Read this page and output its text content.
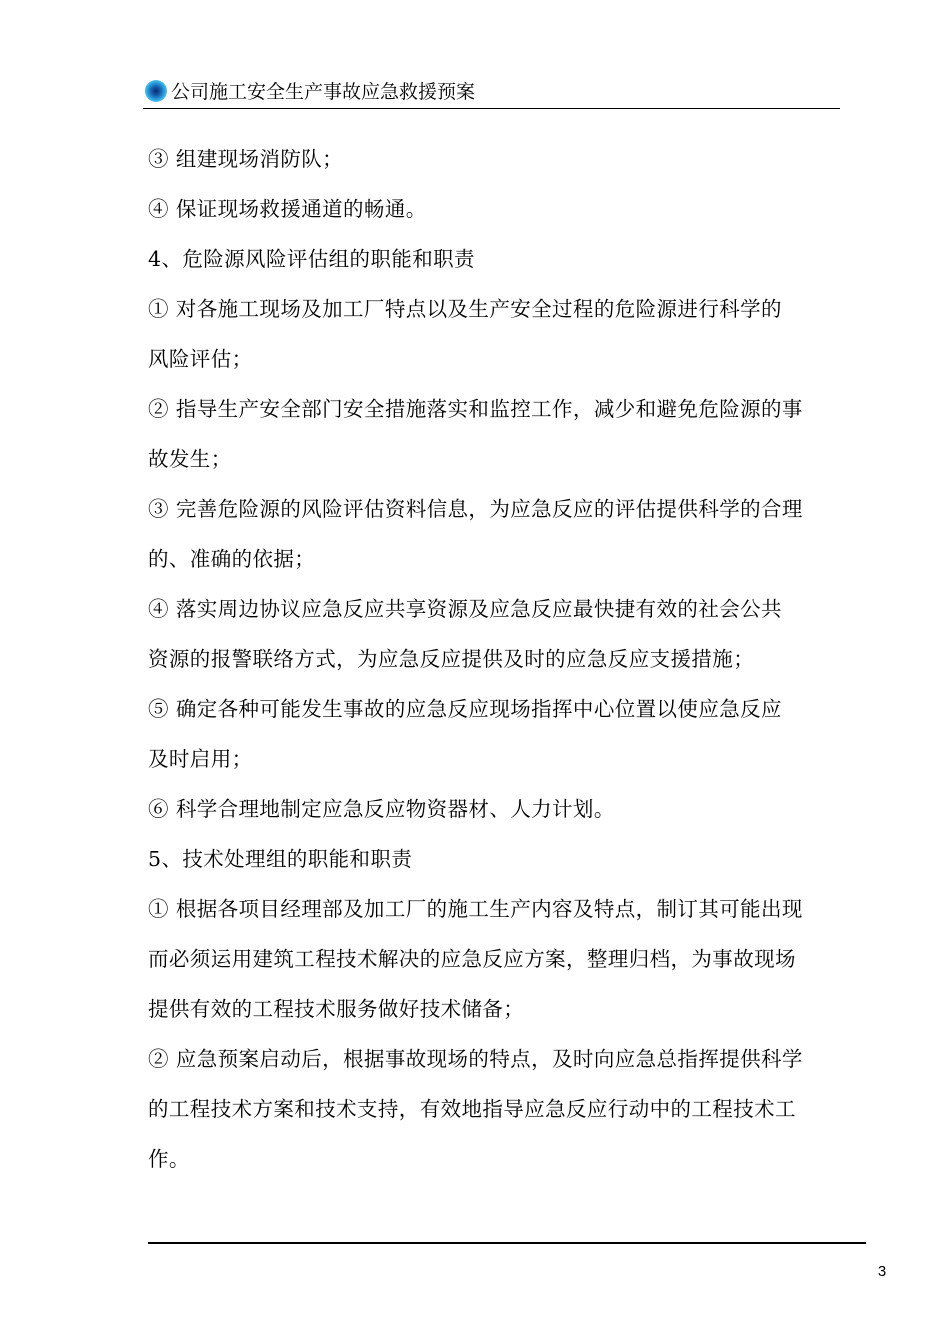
公司施工安全生产事故应急救援预案
③ 组建现场消防队；
④ 保证现场救援通道的畅通。
4、危险源风险评估组的职能和职责
① 对各施工现场及加工厂特点以及生产安全过程的危险源进行科学的
风险评估；
② 指导生产安全部门安全措施落实和监控工作，减少和避免危险源的事
故发生；
③ 完善危险源的风险评估资料信息，为应急反应的评估提供科学的合理
的、准确的依据；
④ 落实周边协议应急反应共享资源及应急反应最快捷有效的社会公共
资源的报警联络方式，为应急反应提供及时的应急反应支援措施；
⑤ 确定各种可能发生事故的应急反应现场指挥中心位置以使应急反应
及时启用；
⑥ 科学合理地制定应急反应物资器材、人力计划。
5、技术处理组的职能和职责
① 根据各项目经理部及加工厂的施工生产内容及特点，制订其可能出现
而必须运用建筑工程技术解决的应急反应方案，整理归档，为事故现场
提供有效的工程技术服务做好技术储备；
② 应急预案启动后，根据事故现场的特点，及时向应急总指挥提供科学
的工程技术方案和技术支持，有效地指导应急反应行动中的工程技术工
作。
3
